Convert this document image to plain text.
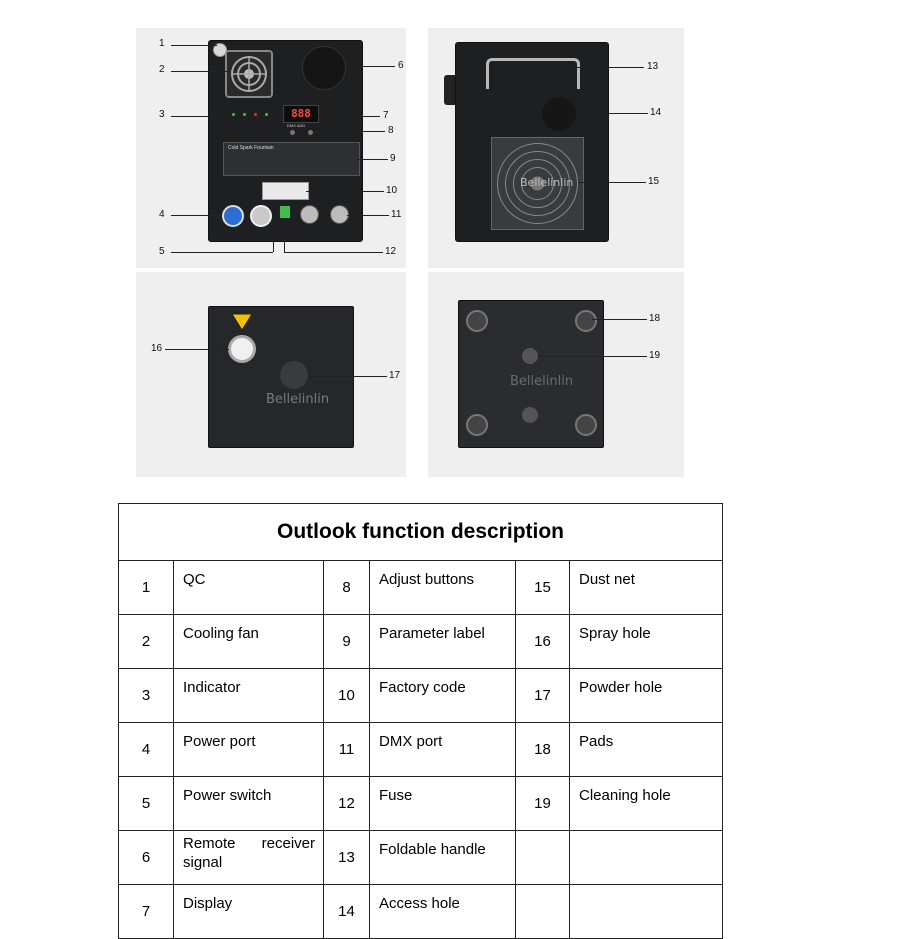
888
DMX ADD
Cold Spark Fountain
Bellelinlin
Bellelinlin
Bellelinlin
1
2
3
4
5
6
7
8
9
10
11
12
13
14
15
16
17
18
19
Outlook function description					
1	QC	8	Adjust buttons	15	Dust net
2	Cooling fan	9	Parameter label	16	Spray hole
3	Indicator	10	Factory code	17	Powder hole
4	Power port	11	DMX port	18	Pads
5	Power switch	12	Fuse	19	Cleaning hole
6	Remote receiver signal	13	Foldable handle		
7	Display	14	Access hole		
